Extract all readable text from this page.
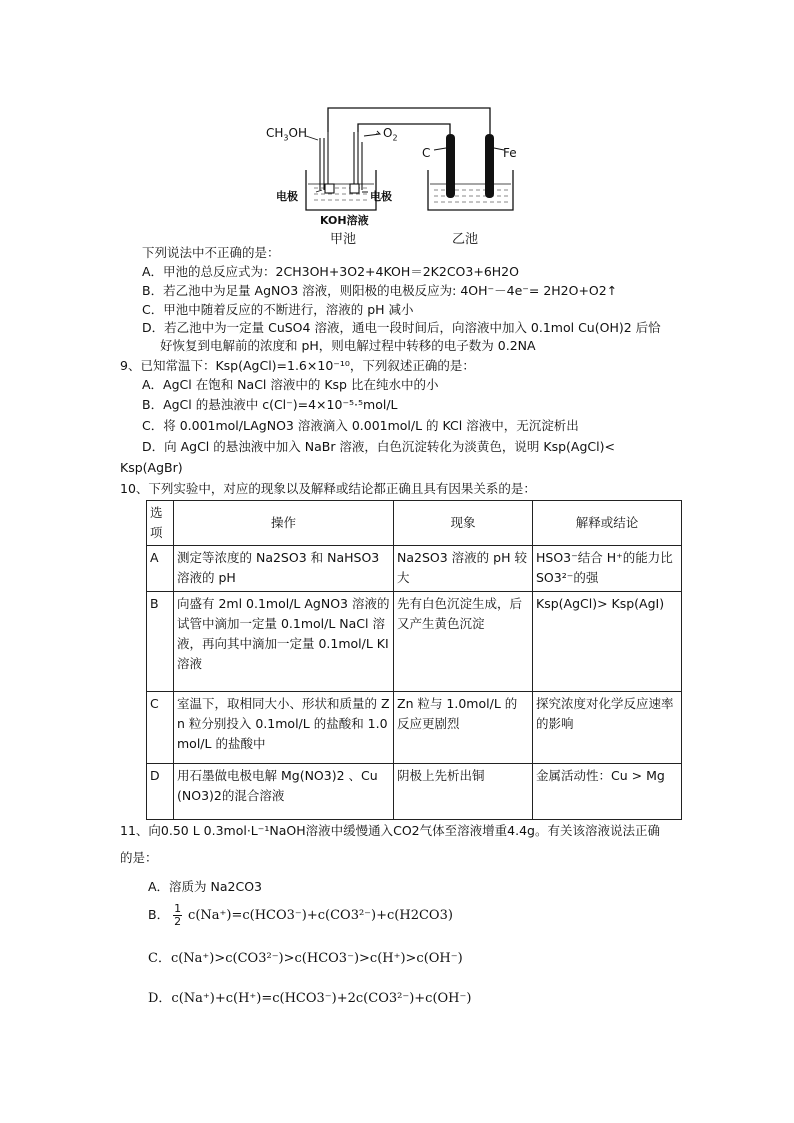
$CH_3OH$	$O_2$
C	Fe
电极	电极
KOH溶液
甲池	乙池
下列说法中不正确的是：
A．甲池的总反应式为：2CH3OH+3O2+4KOH＝2K2CO3+6H2O
B．若乙池中为足量 AgNO3 溶液，则阳极的电极反应为: 4OH⁻－4e⁻= 2H2O+O2↑
C．甲池中随着反应的不断进行，溶液的 pH 减小
D．若乙池中为一定量 CuSO4 溶液，通电一段时间后，向溶液中加入 0.1mol Cu(OH)2 后恰
好恢复到电解前的浓度和 pH，则电解过程中转移的电子数为 0.2NA
9、已知常温下：Ksp(AgCl)=1.6×10⁻¹⁰，下列叙述正确的是：
A．AgCl 在饱和 NaCl 溶液中的 Ksp 比在纯水中的小
B．AgCl 的悬浊液中 c(Cl⁻)=4×10⁻⁵·⁵mol/L
C．将 0.001mol/LAgNO3 溶液滴入 0.001mol/L 的 KCl 溶液中，无沉淀析出
D．向 AgCl 的悬浊液中加入 NaBr 溶液，白色沉淀转化为淡黄色，说明 Ksp(AgCl)<
Ksp(AgBr)
10、下列实验中，对应的现象以及解释或结论都正确且具有因果关系的是：
选项	操作	现象	解释或结论
A	测定等浓度的 Na2SO3 和 NaHSO3 溶液的 pH	Na2SO3 溶液的 pH 较大	HSO3⁻结合 H⁺的能力比SO3²⁻的强
B	向盛有 2ml 0.1mol/L AgNO3 溶液的试管中滴加一定量 0.1mol/L NaCl 溶液，再向其中滴加一定量 0.1mol/L KI 溶液	先有白色沉淀生成，后又产生黄色沉淀	Ksp(AgCl)> Ksp(AgI)
C	室温下，取相同大小、形状和质量的 Zn 粒分别投入 0.1mol/L 的盐酸和 1.0mol/L 的盐酸中	Zn 粒与 1.0mol/L 的反应更剧烈	探究浓度对化学反应速率的影响
D	用石墨做电极电解 Mg(NO3)2 、Cu(NO3)2的混合溶液	阴极上先析出铜	金属活动性：Cu > Mg
11、向0.50 L 0.3mol·L⁻¹NaOH溶液中缓慢通入CO2气体至溶液增重4.4g。有关该溶液说法正确
的是：
A．溶质为 Na2CO3
B． $\frac{1}{2} c(Na^+)=c(HCO3^-)+c(CO3^{2-})+c(H2CO3)$
C．c(Na⁺)>c(CO3²⁻)>c(HCO3⁻)>c(H⁺)>c(OH⁻)
D．c(Na⁺)+c(H⁺)=c(HCO3⁻)+2c(CO3²⁻)+c(OH⁻)
